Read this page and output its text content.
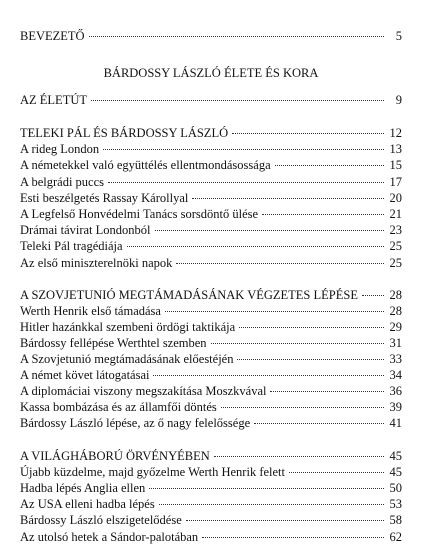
BEVEZETŐ	5
BÁRDOSSY LÁSZLÓ ÉLETE ÉS KORA
AZ ÉLETÚT	9
TELEKI PÁL ÉS BÁRDOSSY LÁSZLÓ	12
A rideg London	13
A németekkel való együttélés ellentmondásossága	15
A belgrádi puccs	17
Esti beszélgetés Rassay Károllyal	20
A Legfelső Honvédelmi Tanács sorsdöntő ülése	21
Drámai távirat Londonból	23
Teleki Pál tragédiája	25
Az első miniszterelnöki napok	25
A SZOVJETUNIÓ MEGTÁMADÁSÁNAK VÉGZETES LÉPÉSE	28
Werth Henrik első támadása	28
Hitler hazánkkal szembeni ördögi taktikája	29
Bárdossy fellépése Werthtel szemben	31
A Szovjetunió megtámadásának előestéjén	33
A német követ látogatásai	34
A diplomáciai viszony megszakítása Moszkvával	36
Kassa bombázása és az államfői döntés	39
Bárdossy László lépése, az ő nagy felelőssége	41
A VILÁGHÁBORÚ ÖRVÉNYÉBEN	45
Újabb küzdelme, majd győzelme Werth Henrik felett	45
Hadba lépés Anglia ellen	50
Az USA elleni hadba lépés	53
Bárdossy László elszigetelődése	58
Az utolsó hetek a Sándor-palotában	62
